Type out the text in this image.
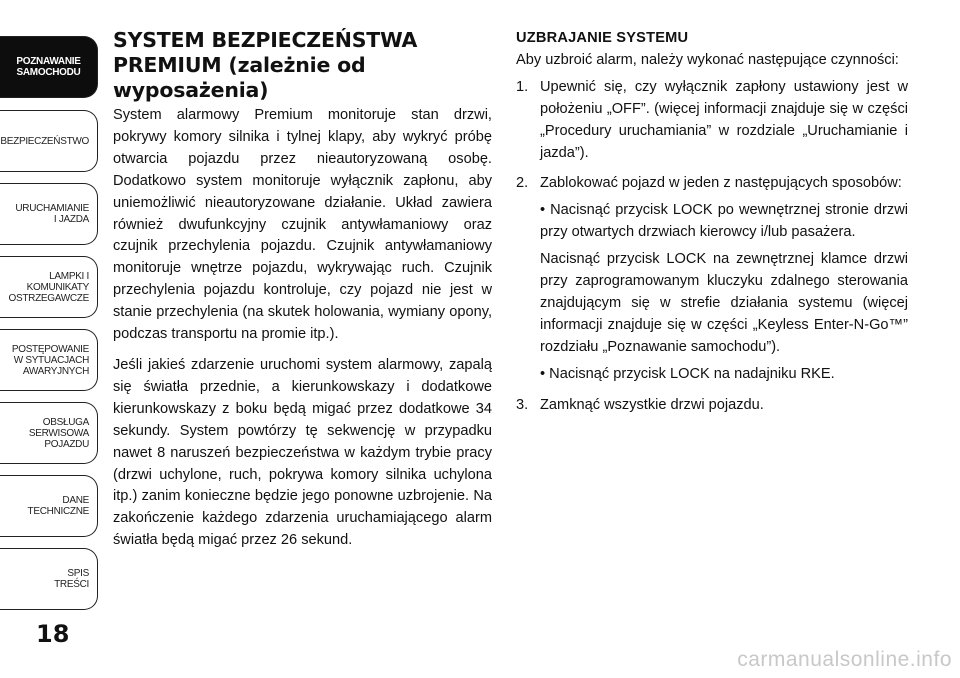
POZNAWANIE
SAMOCHODU
BEZPIECZEŃSTWO
URUCHAMIANIE
I JAZDA
LAMPKI I
KOMUNIKATY
OSTRZEGAWCZE
POSTĘPOWANIE
W SYTUACJACH
AWARYJNYCH
OBSŁUGA
SERWISOWA
POJAZDU
DANE
TECHNICZNE
SPIS
TREŚCI
18
SYSTEM BEZPIECZEŃSTWA
PREMIUM (zależnie od
wyposażenia)

System alarmowy Premium monitoruje stan drzwi, pokrywy komory silnika i tylnej klapy, aby wykryć próbę otwarcia pojazdu przez nieautoryzowaną osobę. Dodatkowo system monitoruje wyłącznik zapłonu, aby uniemożliwić nieautoryzowane działanie. Układ zawiera również dwufunkcyjny czujnik antywłamaniowy oraz czujnik przechylenia pojazdu. Czujnik antywłamaniowy monitoruje wnętrze pojazdu, wykrywając ruch. Czujnik przechylenia pojazdu kontroluje, czy pojazd nie jest w stanie przechylenia (na skutek holowania, wymiany opony, podczas transportu na promie itp.).

Jeśli jakieś zdarzenie uruchomi system alarmowy, zapalą się światła przednie, a kierunkowskazy i dodatkowe kierunkowskazy z boku będą migać przez dodatkowe 34 sekundy. System powtórzy tę sekwencję w przypadku nawet 8 naruszeń bezpieczeństwa w każdym trybie pracy (drzwi uchylone, ruch, pokrywa komory silnika uchylona itp.) zanim konieczne będzie jego ponowne uzbrojenie. Na zakończenie każdego zdarzenia uruchamiającego alarm światła będą migać przez 26 sekund.

UZBRAJANIE SYSTEMU

Aby uzbroić alarm, należy wykonać następujące czynności:

1. Upewnić się, czy wyłącznik zapłony ustawiony jest w położeniu „OFF”. (więcej informacji znajduje się w części „Procedury uruchamiania” w rozdziale „Uruchamianie i jazda”).
2. Zablokować pojazd w jeden z następujących sposobów:
• Nacisnąć przycisk LOCK po wewnętrznej stronie drzwi przy otwartych drzwiach kierowcy i/lub pasażera.
Nacisnąć przycisk LOCK na zewnętrznej klamce drzwi przy zaprogramowanym kluczyku zdalnego sterowania znajdującym się w strefie działania systemu (więcej informacji znajduje się w części „Keyless Enter-N-Go™” rozdziału „Poznawanie samochodu”).
• Nacisnąć przycisk LOCK na nadajniku RKE.
3. Zamknąć wszystkie drzwi pojazdu.
carmanualsonline.info
